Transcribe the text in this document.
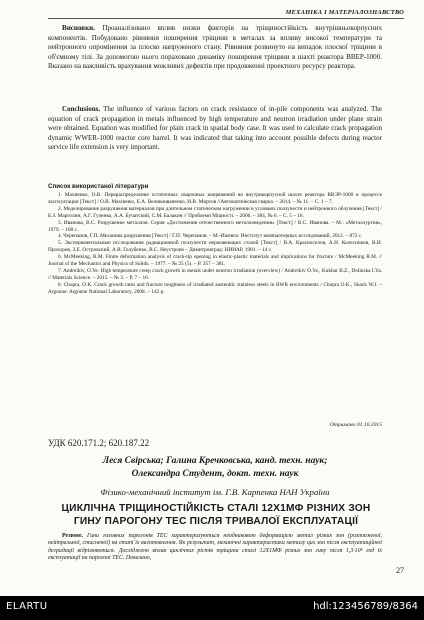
МЕХАНІКА І МАТЕРІАЛОЗНАВСТВО

Висновки. Проаналізовано вплив низки факторів на тріщиностійкість внутрішньокорпусних компонентів. Побудовано рівняння поширення тріщини в металах за впливу високої температури та нейтронного опромінення за плоско напруженого стану. Рівняння розвинуто на випадок плоскої тріщини в об'ємному тілі. За допомогою нього пораховано динаміку поширення тріщини в шахті реактора ВВЕР-1000. Вказано на важливість врахування можливих дефектів при продовженні проектного ресурсу реактора.

Conclusions. The influence of various factors on crack resistance of in-pile components was analyzed. The equation of crack propagation in metals influenced by high temperature and neutron irradiation under plane strain were obtained. Equation was modified for plain crack in spatial body case. It was used to calculate crack propagation dynamic WWER-1000 reactor core barrel. It was indicated that taking into account possible defects during reactor service life extension is very important.

Список використаної літератури

1. Махненко, О.В. Перераспределение остаточных сварочных напряжений во внутрикорпусной шахте реактора ВВЭР-1000 в процессе эксплуатации [Текст] / О.В. Махненко, Е.А. Великоиваненко, И.В. Миртов //Автоматическая сварка. – 2014. – № 11. – С. 1 – 7.

2. Моделирование разрушения материалов при длительном статическом нагружении в условиях ползучести и нейтронного облучения [Текст] / Б.З. Марголин, А.Г. Гуленко, А.А. Бучатский, С.М. Балакин // Проблеми Міцності. – 2006. – 384, № 6. – С. 5 – 16.

3. Иванова, В.С. Разрушение металлов. Серия «Достижения отечественного металловедения» [Текст] / В.С. Иванова. – М.: «Металлургия», 1979. – 168 с.

4. Черепанов, Г.П. Механика разрушения [Текст] / Г.П. Черепанов. – М.-Ижевск: Институт компьютерных исследований, 2012. – 872 с.

5. Экспериментальные исследования радиационной ползучести нержавеющих сталей [Текст] / В.А. Красноселов, А.Н. Колесников, В.И. Прохоров, З.Е. Островский, А.В. Голубенко, В.С. Неустроев – Димитровград: НИИАР, 1981. – 14 с.

6. McMeeking, R.M. Finite deformation analysis of crack-tip opening in elastic-plastic materials and implications for fracture / McMeeking R.M. // Journal of the Mechanics and Physics of Solids. – 1977. – № 25 (5). – P. 357 – 381.

7. Andreikiv, O.Ye. High temperature creep crack growth in metals under neutron irradiation (overview) / Andreikiv O.Ye., Kukhar B.Z., Dolinska I.Ya. // Materials Science. – 2015. – № 3. – P. 7 – 16.

8. Chopra, O.K. Crack growth rates and fracture toughness of irradiated austenitic stainless steels in BWR environments / Chopra O.K., Shack W.J. – Argonne: Argonne National Laboratory, 2008. – 142 p.

Отримано 01.10.2015
УДК 620.171.2; 620.187.22
Леся Свірська; Галина Кречковська, канд. техн. наук;
Олександра Студент, докт. техн. наук
Фізико-механічний інститут ім. Г.В. Карпенка НАН України
ЦИКЛІЧНА ТРІЩИНОСТІЙКІСТЬ СТАЛІ 12Х1МФ РІЗНИХ ЗОН ГИНУ ПАРОГОНУ ТЕС ПІСЛЯ ТРИВАЛОЇ ЕКСПЛУАТАЦІЇ

Резюме. Гини головних парогонів ТЕС характеризуються неоднаковою деформацією метал різних зон (розтягненої, нейтральної, стисненої) на етапі їх виготовлення. Як результат, механічні характеристики металу цих зон після експлуатаційної деградації відрізняються. Досліджено вплив циклічних рістів тріщини сталі 12Х1МФ різних зон гину після 1,3·10⁵ год їх експлуатації на парогоні ТЕС. Показано,

27
ELARTU	hdl:123456789/8364
